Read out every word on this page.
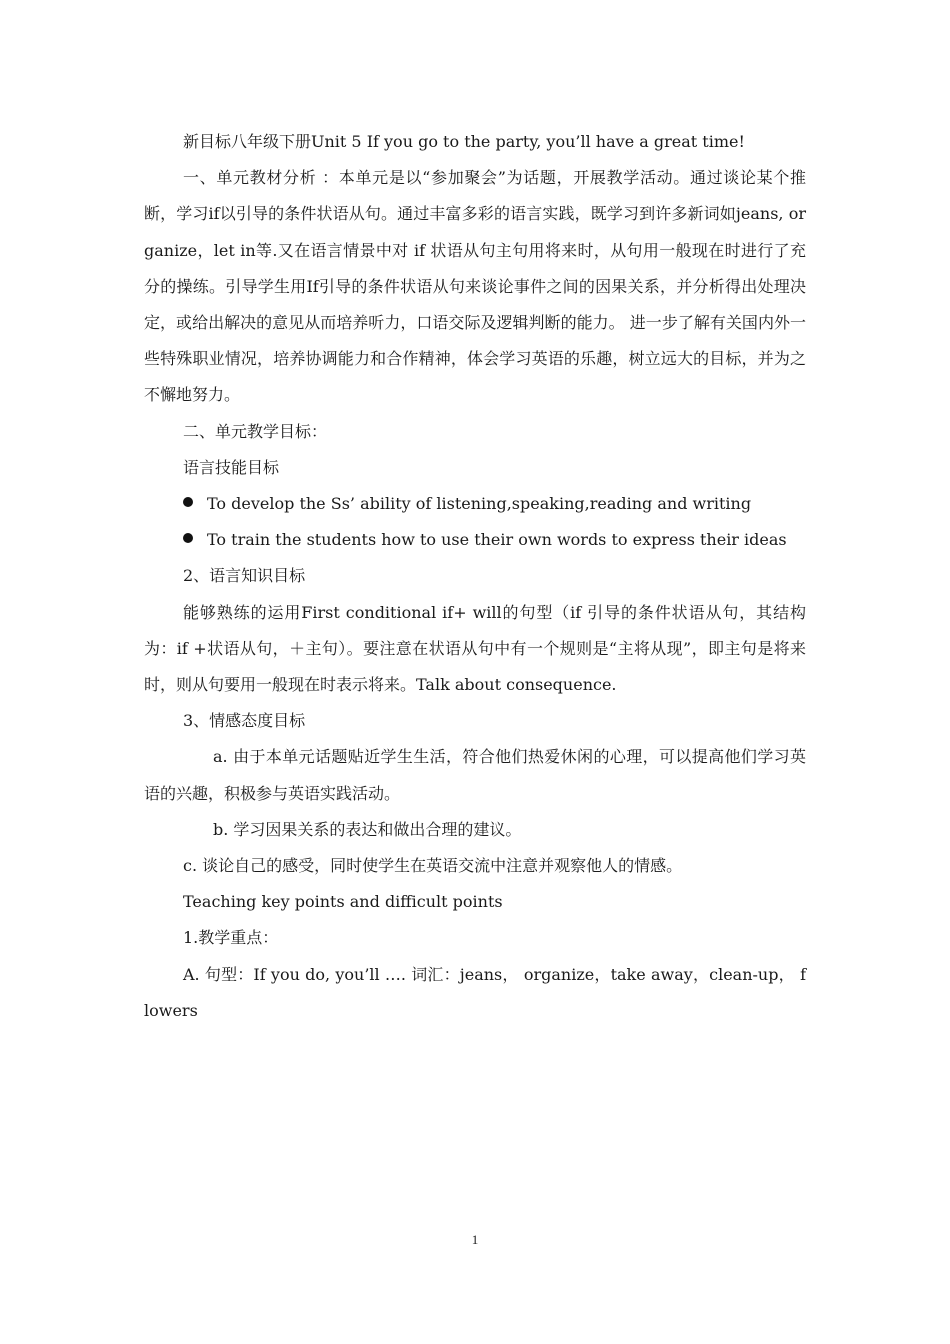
新目标八年级下册Unit 5 If you go to the party, you’ll have a great time!

一、单元教材分析 ：本单元是以“参加聚会”为话题，开展教学活动。通过谈论某个推断，学习if以引导的条件状语从句。通过丰富多彩的语言实践，既学习到许多新词如jeans, organize，let in等.又在语言情景中对 if 状语从句主句用将来时，从句用一般现在时进行了充分的操练。引导学生用If引导的条件状语从句来谈论事件之间的因果关系，并分析得出处理决定，或给出解决的意见从而培养听力，口语交际及逻辑判断的能力。 进一步了解有关国内外一些特殊职业情况，培养协调能力和合作精神，体会学习英语的乐趣，树立远大的目标，并为之不懈地努力。

二、单元教学目标：

语言技能目标

To develop the Ss’ ability of listening,speaking,reading and writing

To train the students how to use their own words to express their ideas

2、语言知识目标

能够熟练的运用First conditional if+ will的句型（if 引导的条件状语从句，其结构为：if +状语从句，＋主句）。要注意在状语从句中有一个规则是“主将从现”，即主句是将来时，则从句要用一般现在时表示将来。Talk about consequence.

3、情感态度目标

a. 由于本单元话题贴近学生生活，符合他们热爱休闲的心理，可以提高他们学习英语的兴趣，积极参与英语实践活动。

b. 学习因果关系的表达和做出合理的建议。

c. 谈论自己的感受，同时使学生在英语交流中注意并观察他人的情感。

Teaching key points and difficult points

1.教学重点：

A. 句型：If you do, you’ll …. 词汇：jeans， organize，take away，clean-up， flowers

1
